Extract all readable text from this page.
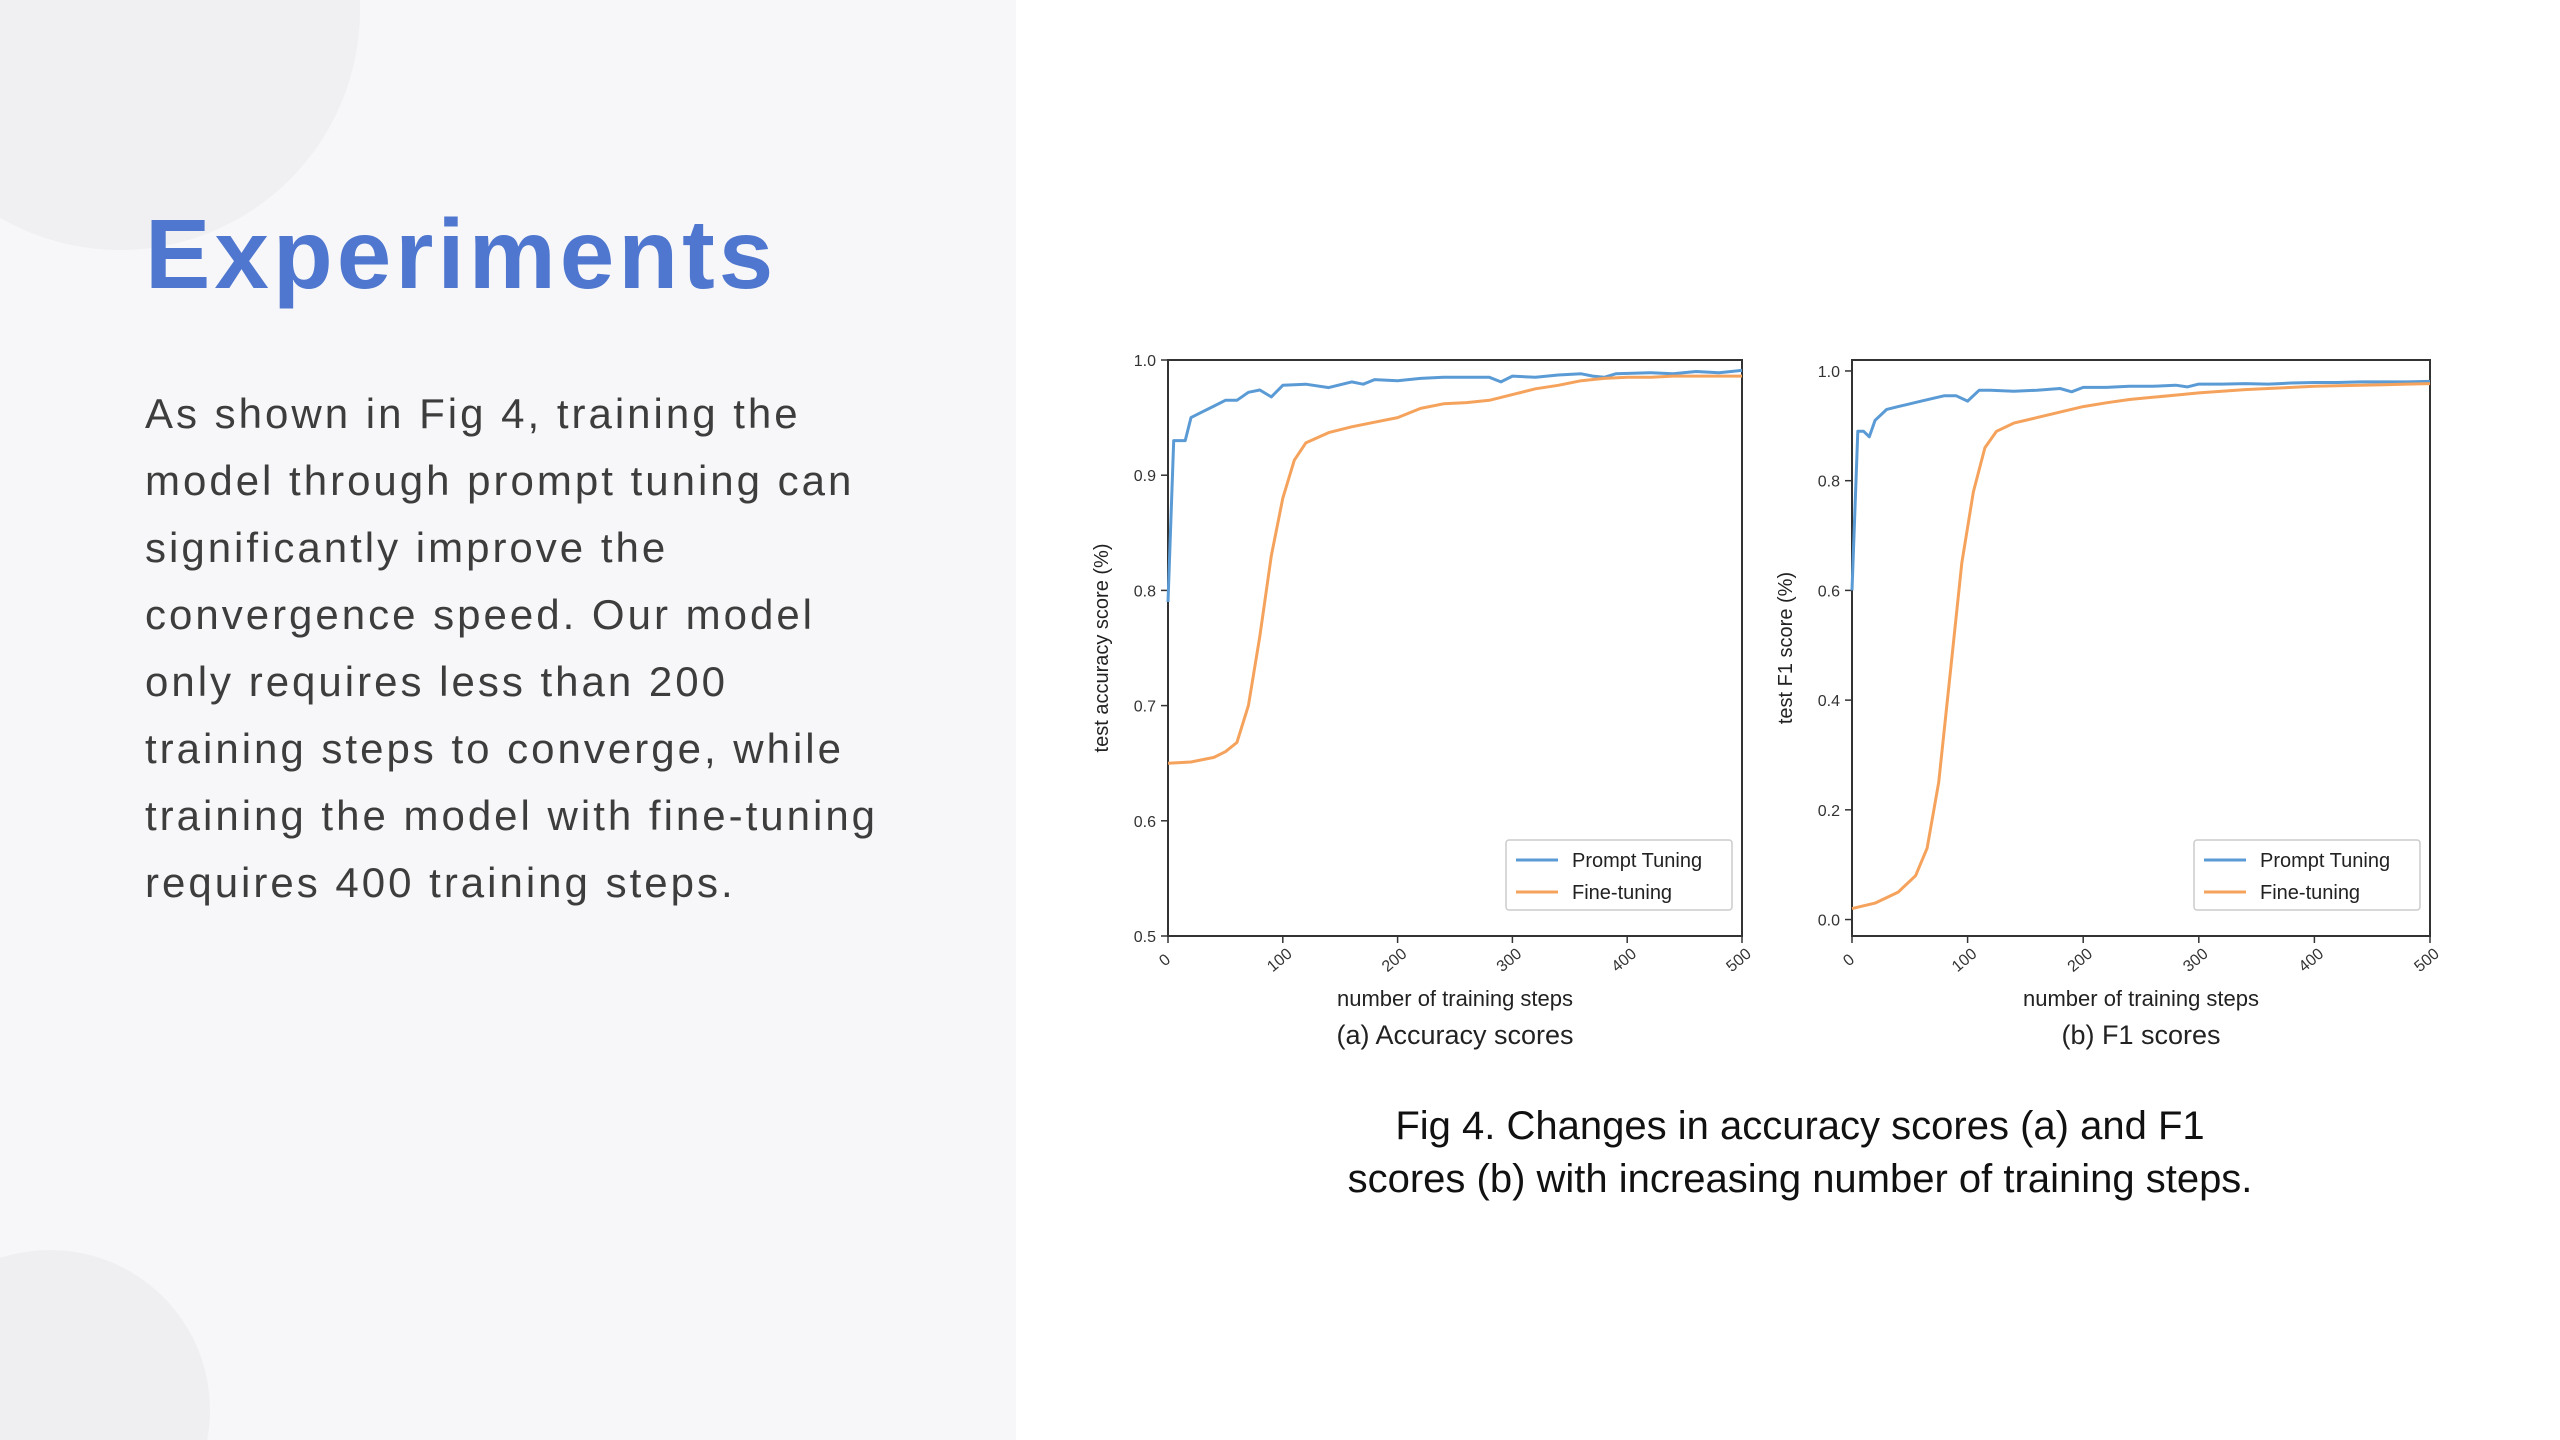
Experiments

As shown in Fig 4, training the
model through prompt tuning can
significantly improve the
convergence speed. Our model
only requires less than 200
training steps to converge, while
training the model with fine-tuning
requires 400 training steps.

0.5
0.6
0.7
0.8
0.9
1.0
0	100	200	300	400	500
number of training steps
test accuracy score (%)
(a) Accuracy scores
Prompt Tuning
Fine-tuning
0.0
0.2
0.4
0.6
0.8
1.0
0	100	200	300	400	500
number of training steps
test F1 score (%)
(b) F1 scores
Prompt Tuning
Fine-tuning

Fig 4. Changes in accuracy scores (a) and F1
scores (b) with increasing number of training steps.
